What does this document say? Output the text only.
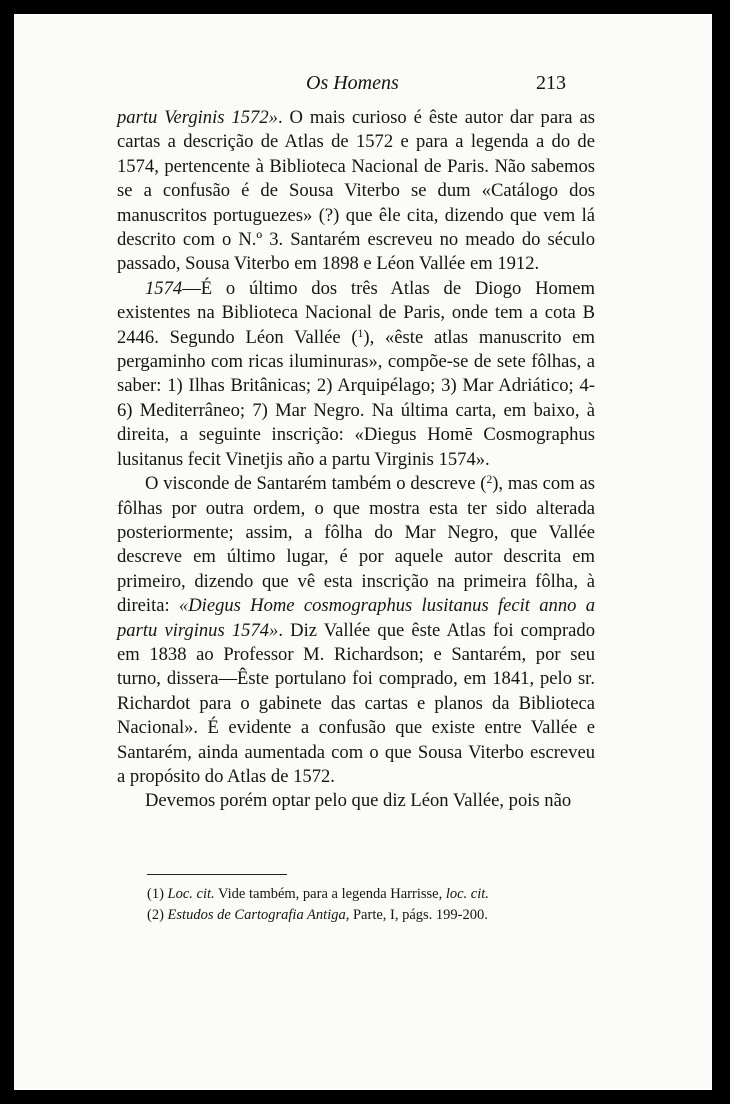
Os Homens	213

partu Verginis 1572». O mais curioso é êste autor dar para as cartas a descrição de Atlas de 1572 e para a legenda a do de 1574, pertencente à Biblioteca Nacional de Paris. Não sabemos se a confusão é de Sousa Viterbo se dum «Catálogo dos manuscritos portuguezes» (?) que êle cita, dizendo que vem lá descrito com o N.º 3. Santarém escreveu no meado do século passado, Sousa Viterbo em 1898 e Léon Vallée em 1912.

1574—É o último dos três Atlas de Diogo Homem existentes na Biblioteca Nacional de Paris, onde tem a cota B 2446. Segundo Léon Vallée ($^1$), «êste atlas manuscrito em pergaminho com ricas iluminuras», compõe-se de sete fôlhas, a saber: 1) Ilhas Britânicas; 2) Arquipélago; 3) Mar Adriático; 4-6) Mediterrâneo; 7) Mar Negro. Na última carta, em baixo, à direita, a seguinte inscrição: «Diegus Homē Cosmographus lusitanus fecit Vinetjis año a partu Virginis 1574».

O visconde de Santarém também o descreve ($^2$), mas com as fôlhas por outra ordem, o que mostra esta ter sido alterada posteriormente; assim, a fôlha do Mar Negro, que Vallée descreve em último lugar, é por aquele autor descrita em primeiro, dizendo que vê esta inscrição na primeira fôlha, à direita: «Diegus Home cosmographus lusitanus fecit anno a partu virginus 1574». Diz Vallée que êste Atlas foi comprado em 1838 ao Professor M. Richardson; e Santarém, por seu turno, dissera—Êste portulano foi comprado, em 1841, pelo sr. Richardot para o gabinete das cartas e planos da Biblioteca Nacional». É evidente a confusão que existe entre Vallée e Santarém, ainda aumentada com o que Sousa Viterbo escreveu a propósito do Atlas de 1572.

Devemos porém optar pelo que diz Léon Vallée, pois não

(1) Loc. cit. Vide também, para a legenda Harrisse, loc. cit.

(2) Estudos de Cartografia Antiga, Parte, I, págs. 199-200.
